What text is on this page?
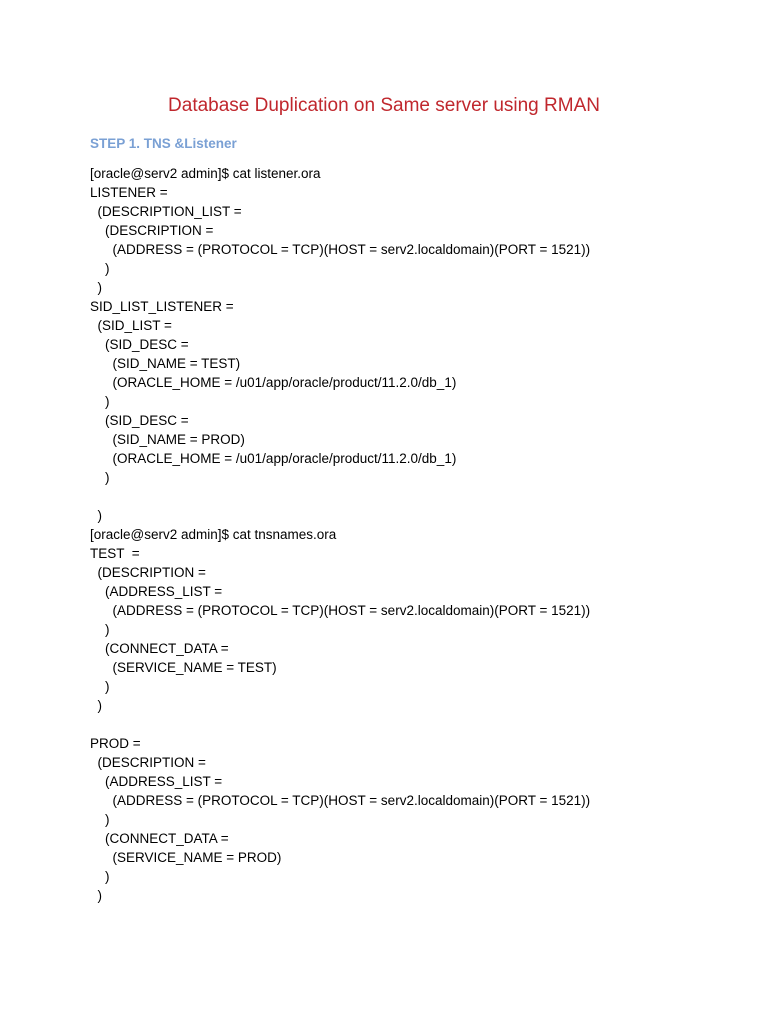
Database Duplication on Same server using RMAN
STEP 1. TNS &Listener
[oracle@serv2 admin]$ cat listener.ora
LISTENER =
(DESCRIPTION_LIST =
(DESCRIPTION =
(ADDRESS = (PROTOCOL = TCP)(HOST = serv2.localdomain)(PORT = 1521))
)
)
SID_LIST_LISTENER =
(SID_LIST =
(SID_DESC =
(SID_NAME = TEST)
(ORACLE_HOME = /u01/app/oracle/product/11.2.0/db_1)
)
(SID_DESC =
(SID_NAME = PROD)
(ORACLE_HOME = /u01/app/oracle/product/11.2.0/db_1)
)
)
[oracle@serv2 admin]$ cat tnsnames.ora
TEST  =
(DESCRIPTION =
(ADDRESS_LIST =
(ADDRESS = (PROTOCOL = TCP)(HOST = serv2.localdomain)(PORT = 1521))
)
(CONNECT_DATA =
(SERVICE_NAME = TEST)
)
)
PROD =
(DESCRIPTION =
(ADDRESS_LIST =
(ADDRESS = (PROTOCOL = TCP)(HOST = serv2.localdomain)(PORT = 1521))
)
(CONNECT_DATA =
(SERVICE_NAME = PROD)
)
)
